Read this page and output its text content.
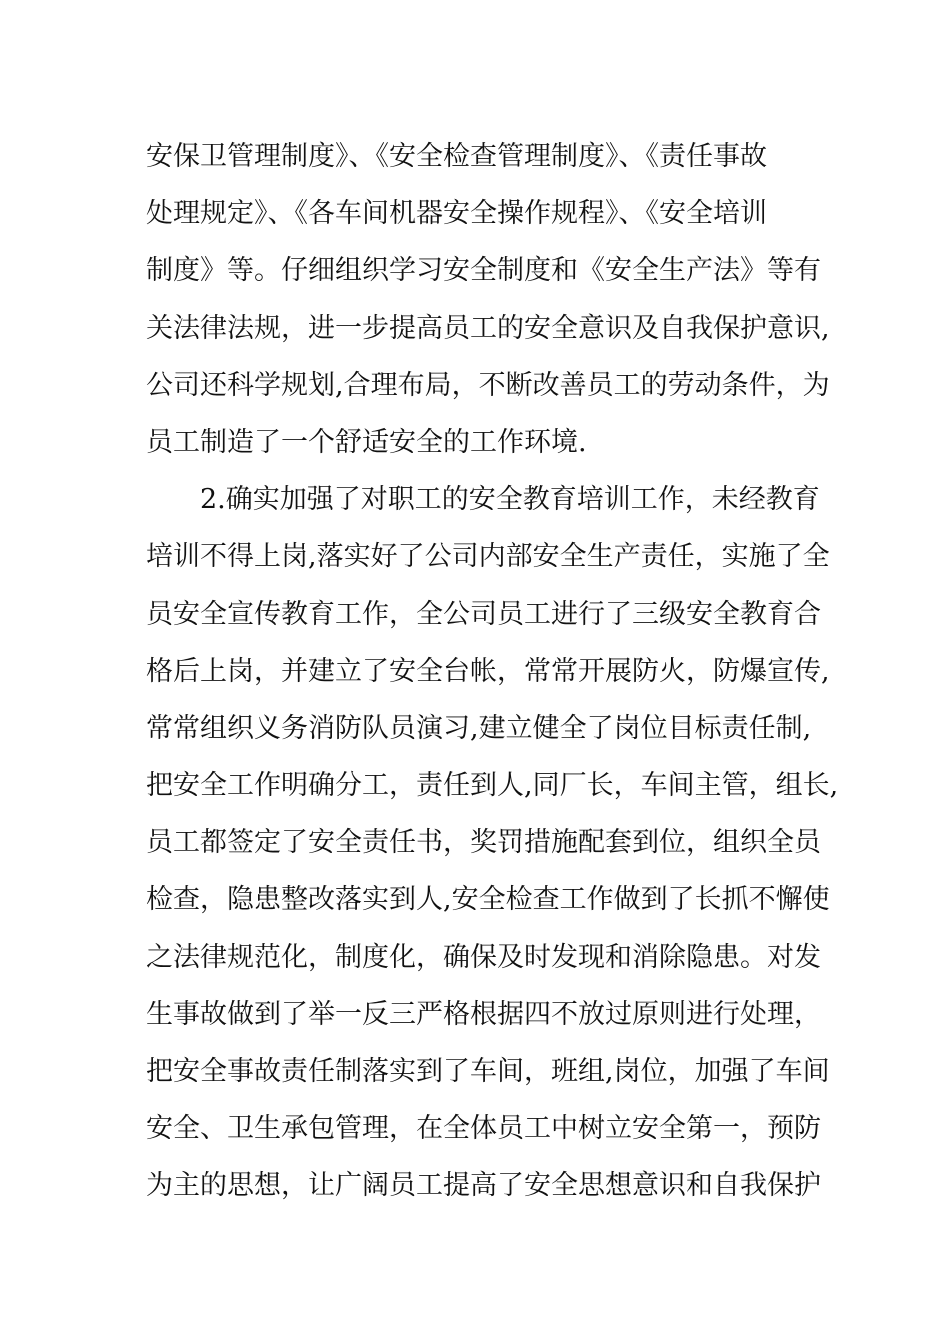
安保卫管理制度》、《安全检查管理制度》、《责任事故
处理规定》、《各车间机器安全操作规程》、《安全培训
制度》等。仔细组织学习安全制度和《安全生产法》等有
关法律法规，进一步提高员工的安全意识及自我保护意识,
公司还科学规划,合理布局，不断改善员工的劳动条件，为
员工制造了一个舒适安全的工作环境.
2.确实加强了对职工的安全教育培训工作，未经教育
培训不得上岗,落实好了公司内部安全生产责任，实施了全
员安全宣传教育工作，全公司员工进行了三级安全教育合
格后上岗，并建立了安全台帐，常常开展防火，防爆宣传,
常常组织义务消防队员演习,建立健全了岗位目标责任制,
把安全工作明确分工，责任到人,同厂长，车间主管，组长,
员工都签定了安全责任书，奖罚措施配套到位，组织全员
检查，隐患整改落实到人,安全检查工作做到了长抓不懈使
之法律规范化，制度化，确保及时发现和消除隐患。对发
生事故做到了举一反三严格根据四不放过原则进行处理，
把安全事故责任制落实到了车间，班组,岗位，加强了车间
安全、卫生承包管理，在全体员工中树立安全第一，预防
为主的思想，让广阔员工提高了安全思想意识和自我保护
